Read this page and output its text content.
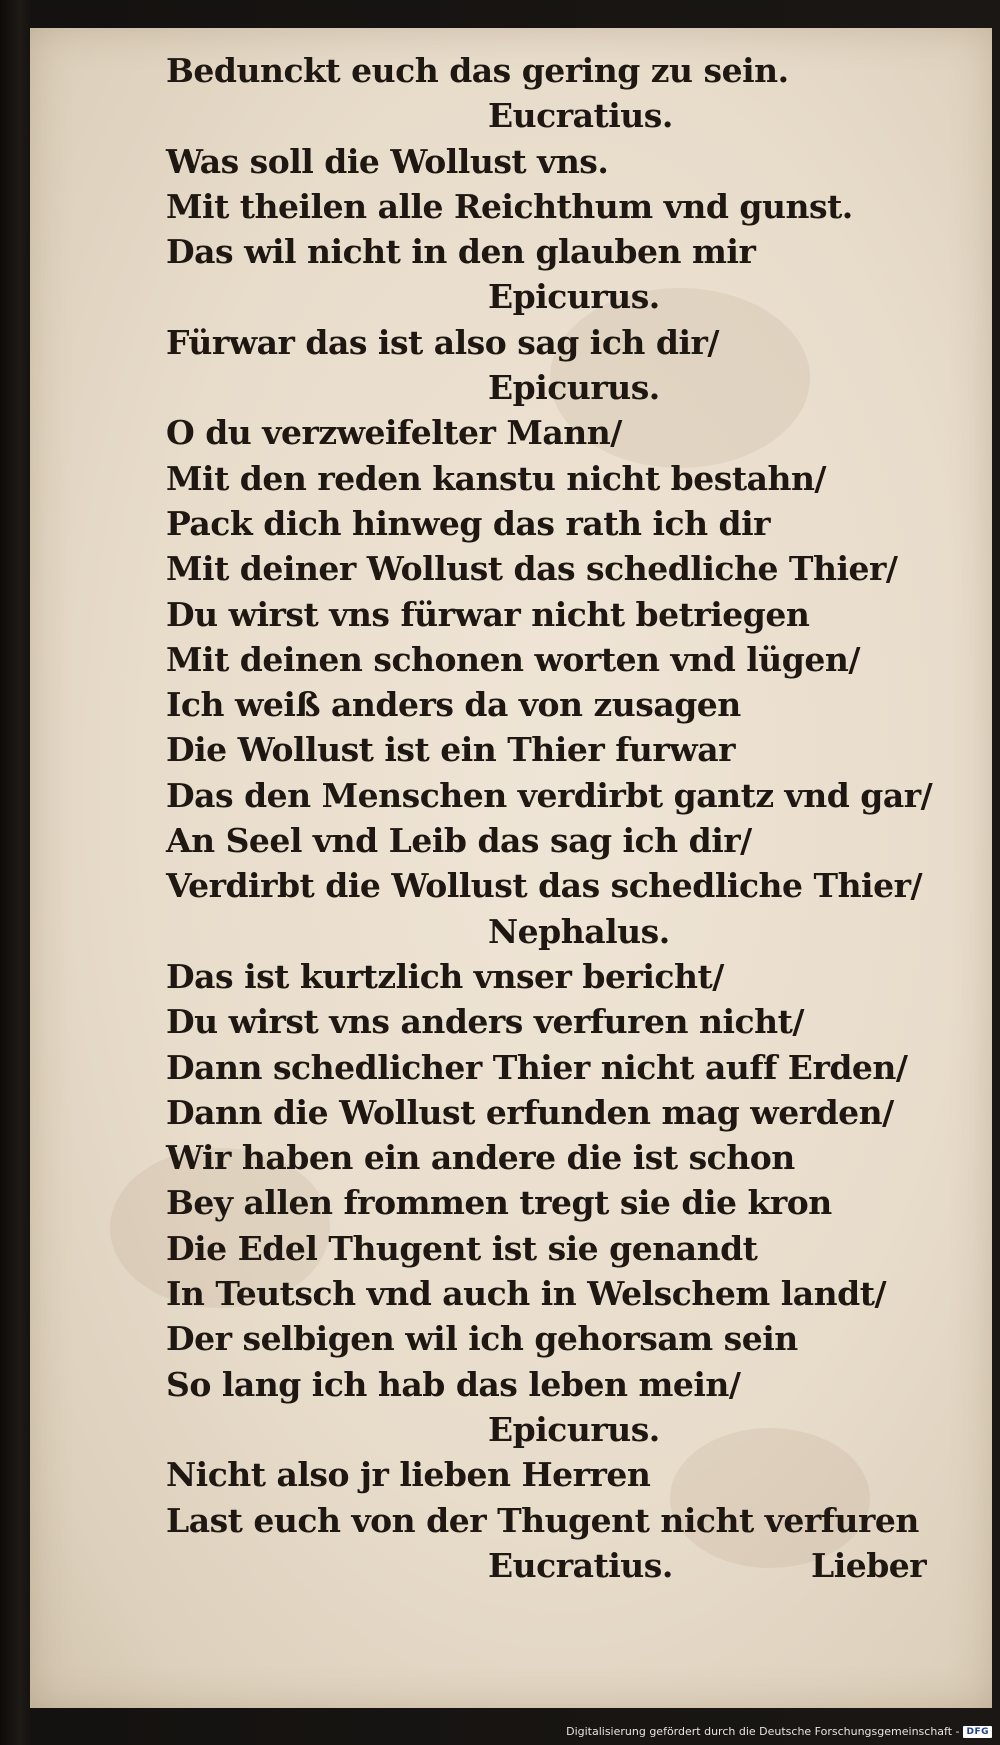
Bedunckt euch das gering zu sein.
Eucratius.
Was soll die Wollust vns.
Mit theilen alle Reichthum vnd gunst.
Das wil nicht in den glauben mir
Epicurus.
Fürwar das ist also sag ich dir/
Epicurus.
O du verzweifelter Mann/
Mit den reden kanstu nicht bestahn/
Pack dich hinweg das rath ich dir
Mit deiner Wollust das schedliche Thier/
Du wirst vns fürwar nicht betriegen
Mit deinen schonen worten vnd lügen/
Ich weiß anders da von zusagen
Die Wollust ist ein Thier furwar
Das den Menschen verdirbt gantz vnd gar/
An Seel vnd Leib das sag ich dir/
Verdirbt die Wollust das schedliche Thier/
Nephalus.
Das ist kurtzlich vnser bericht/
Du wirst vns anders verfuren nicht/
Dann schedlicher Thier nicht auff Erden/
Dann die Wollust erfunden mag werden/
Wir haben ein andere die ist schon
Bey allen frommen tregt sie die kron
Die Edel Thugent ist sie genandt
In Teutsch vnd auch in Welschem landt/
Der selbigen wil ich gehorsam sein
So lang ich hab das leben mein/
Epicurus.
Nicht also jr lieben Herren
Last euch von der Thugent nicht verfuren
Eucratius.	Lieber
Digitalisierung gefördert durch die Deutsche Forschungsgemeinschaft - DFG
